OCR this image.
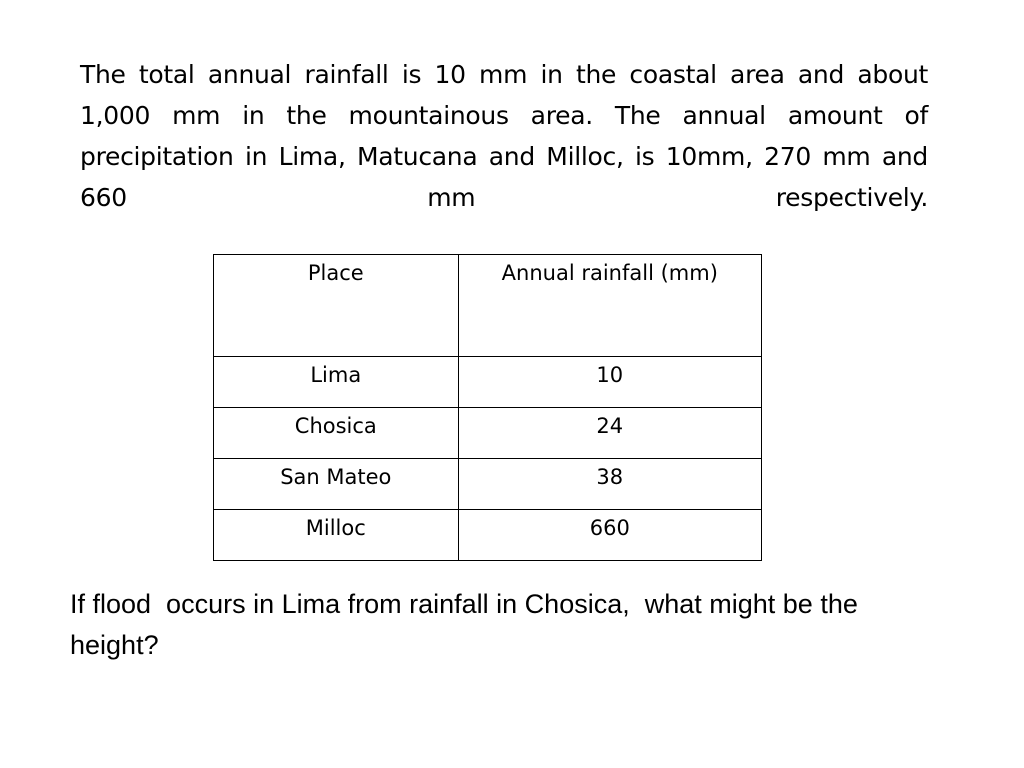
The total annual rainfall is 10 mm in the coastal area and about 1,000 mm in the mountainous area. The annual amount of precipitation in Lima, Matucana and Milloc, is 10mm, 270 mm and 660 mm respectively.

Place	Annual rainfall (mm)
Lima	10
Chosica	24
San Mateo	38
Milloc	660

If flood  occurs in Lima from rainfall in Chosica,  what might be the height?
